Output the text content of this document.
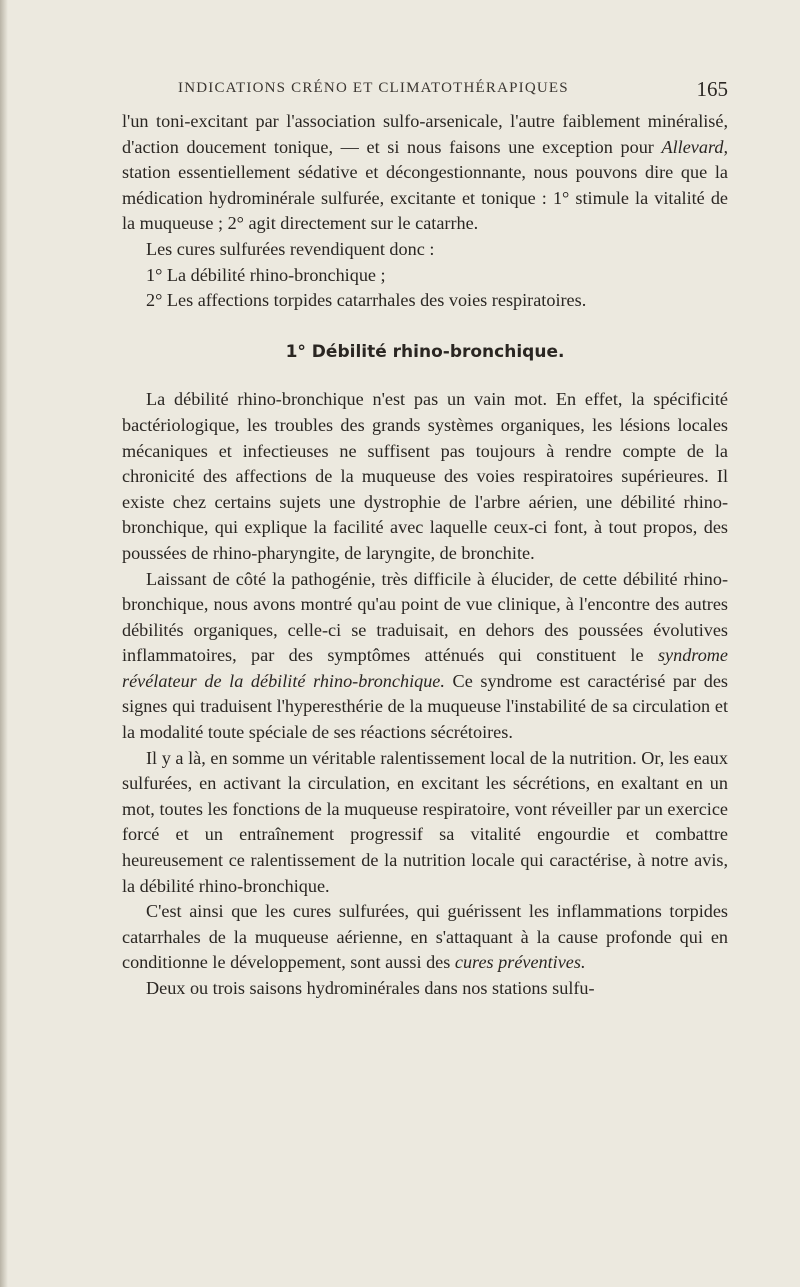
INDICATIONS CRÉNO ET CLIMATOTHÉRAPIQUES	165

l'un toni-excitant par l'association sulfo-arsenicale, l'autre faiblement minéralisé, d'action doucement tonique, — et si nous faisons une exception pour Allevard, station essentiellement sédative et décongestionnante, nous pouvons dire que la médication hydrominérale sulfurée, excitante et tonique : 1° stimule la vitalité de la muqueuse ; 2° agit directement sur le catarrhe.

Les cures sulfurées revendiquent donc :

1° La débilité rhino-bronchique ;

2° Les affections torpides catarrhales des voies respiratoires.

1° Débilité rhino-bronchique.

La débilité rhino-bronchique n'est pas un vain mot. En effet, la spécificité bactériologique, les troubles des grands systèmes organiques, les lésions locales mécaniques et infectieuses ne suffisent pas toujours à rendre compte de la chronicité des affections de la muqueuse des voies respiratoires supérieures. Il existe chez certains sujets une dystrophie de l'arbre aérien, une débilité rhino-bronchique, qui explique la facilité avec laquelle ceux-ci font, à tout propos, des poussées de rhino-pharyngite, de laryngite, de bronchite.

Laissant de côté la pathogénie, très difficile à élucider, de cette débilité rhino-bronchique, nous avons montré qu'au point de vue clinique, à l'encontre des autres débilités organiques, celle-ci se traduisait, en dehors des poussées évolutives inflammatoires, par des symptômes atténués qui constituent le syndrome révélateur de la débilité rhino-bronchique. Ce syndrome est caractérisé par des signes qui traduisent l'hyperesthérie de la muqueuse l'instabilité de sa circulation et la modalité toute spéciale de ses réactions sécrétoires.

Il y a là, en somme un véritable ralentissement local de la nutrition. Or, les eaux sulfurées, en activant la circulation, en excitant les sécrétions, en exaltant en un mot, toutes les fonctions de la muqueuse respiratoire, vont réveiller par un exercice forcé et un entraînement progressif sa vitalité engourdie et combattre heureusement ce ralentissement de la nutrition locale qui caractérise, à notre avis, la débilité rhino-bronchique.

C'est ainsi que les cures sulfurées, qui guérissent les inflammations torpides catarrhales de la muqueuse aérienne, en s'attaquant à la cause profonde qui en conditionne le développement, sont aussi des cures préventives.

Deux ou trois saisons hydrominérales dans nos stations sulfu-
